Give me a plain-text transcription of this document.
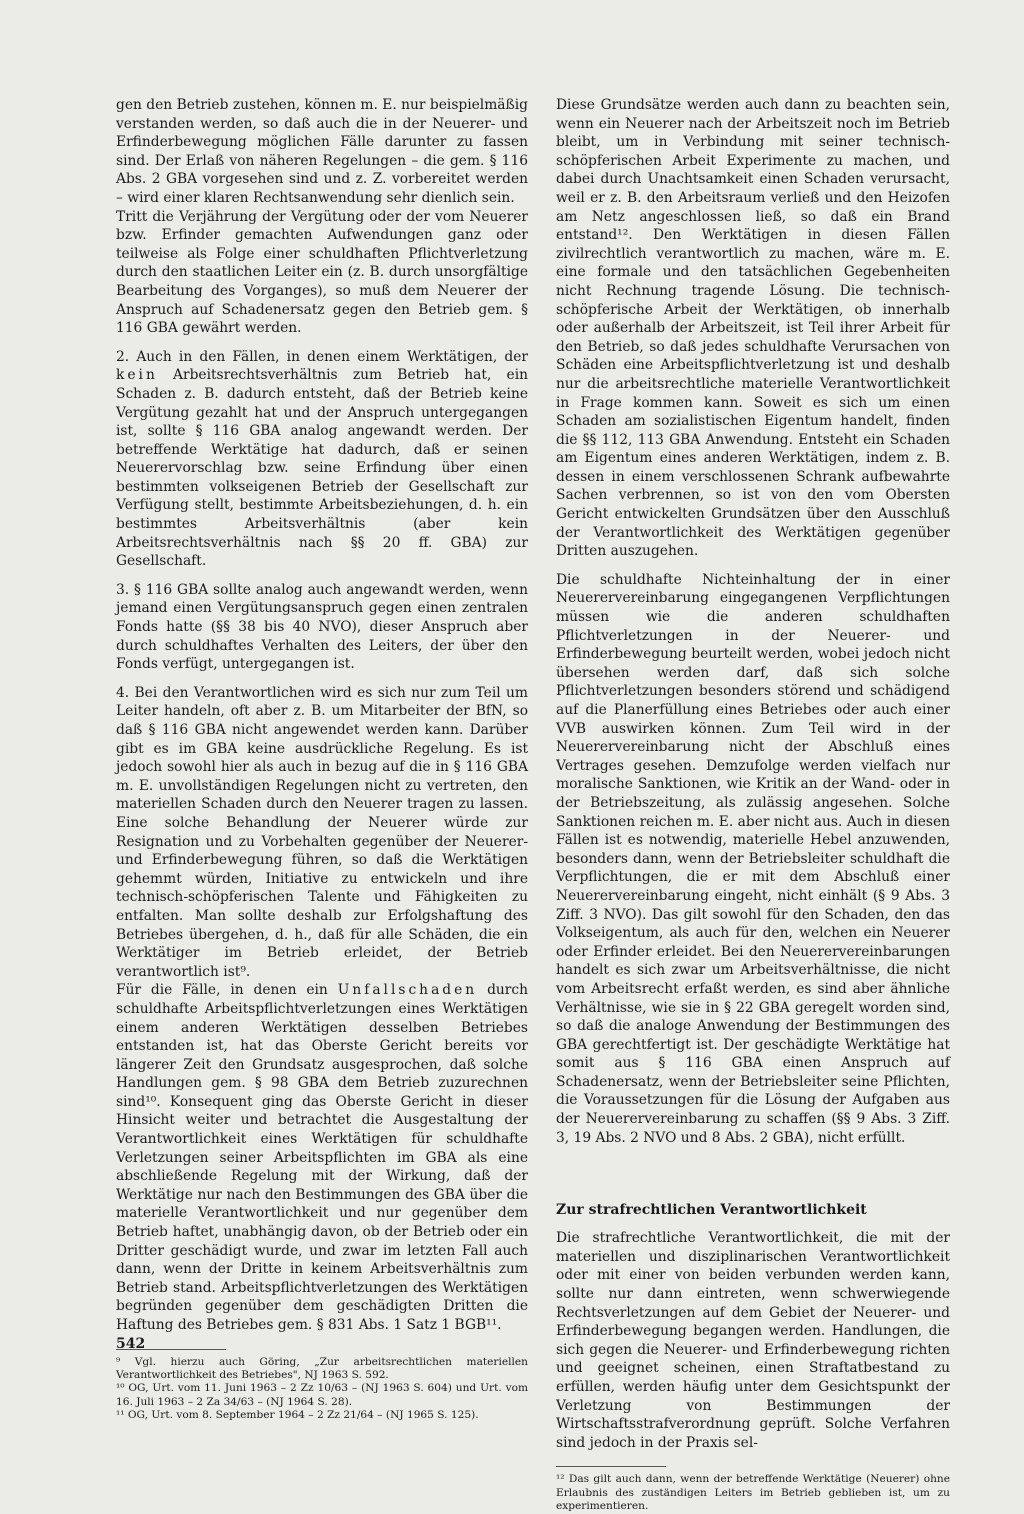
gen den Betrieb zustehen, können m. E. nur beispielmäßig verstanden werden, so daß auch die in der Neuerer- und Erfinderbewegung möglichen Fälle darunter zu fassen sind. Der Erlaß von näheren Regelungen – die gem. § 116 Abs. 2 GBA vorgesehen sind und z. Z. vorbereitet werden – wird einer klaren Rechtsanwendung sehr dienlich sein.

Tritt die Verjährung der Vergütung oder der vom Neuerer bzw. Erfinder gemachten Aufwendungen ganz oder teilweise als Folge einer schuldhaften Pflichtverletzung durch den staatlichen Leiter ein (z. B. durch unsorgfältige Bearbeitung des Vorganges), so muß dem Neuerer der Anspruch auf Schadenersatz gegen den Betrieb gem. § 116 GBA gewährt werden.

2. Auch in den Fällen, in denen einem Werktätigen, der kein Arbeitsrechtsverhältnis zum Betrieb hat, ein Schaden z. B. dadurch entsteht, daß der Betrieb keine Vergütung gezahlt hat und der Anspruch untergegangen ist, sollte § 116 GBA analog angewandt werden. Der betreffende Werktätige hat dadurch, daß er seinen Neuerervorschlag bzw. seine Erfindung über einen bestimmten volkseigenen Betrieb der Gesellschaft zur Verfügung stellt, bestimmte Arbeitsbeziehungen, d. h. ein bestimmtes Arbeitsverhältnis (aber kein Arbeitsrechtsverhältnis nach §§ 20 ff. GBA) zur Gesellschaft.

3. § 116 GBA sollte analog auch angewandt werden, wenn jemand einen Vergütungsanspruch gegen einen zentralen Fonds hatte (§§ 38 bis 40 NVO), dieser Anspruch aber durch schuldhaftes Verhalten des Leiters, der über den Fonds verfügt, untergegangen ist.

4. Bei den Verantwortlichen wird es sich nur zum Teil um Leiter handeln, oft aber z. B. um Mitarbeiter der BfN, so daß § 116 GBA nicht angewendet werden kann. Darüber gibt es im GBA keine ausdrückliche Regelung. Es ist jedoch sowohl hier als auch in bezug auf die in § 116 GBA m. E. unvollständigen Regelungen nicht zu vertreten, den materiellen Schaden durch den Neuerer tragen zu lassen. Eine solche Behandlung der Neuerer würde zur Resignation und zu Vorbehalten gegenüber der Neuerer- und Erfinderbewegung führen, so daß die Werktätigen gehemmt würden, Initiative zu entwickeln und ihre technisch-schöpferischen Talente und Fähigkeiten zu entfalten. Man sollte deshalb zur Erfolgshaftung des Betriebes übergehen, d. h., daß für alle Schäden, die ein Werktätiger im Betrieb erleidet, der Betrieb verantwortlich ist⁹.

Für die Fälle, in denen ein Unfallschaden durch schuldhafte Arbeitspflichtverletzungen eines Werktätigen einem anderen Werktätigen desselben Betriebes entstanden ist, hat das Oberste Gericht bereits vor längerer Zeit den Grundsatz ausgesprochen, daß solche Handlungen gem. § 98 GBA dem Betrieb zuzurechnen sind¹⁰. Konsequent ging das Oberste Gericht in dieser Hinsicht weiter und betrachtet die Ausgestaltung der Verantwortlichkeit eines Werktätigen für schuldhafte Verletzungen seiner Arbeitspflichten im GBA als eine abschließende Regelung mit der Wirkung, daß der Werktätige nur nach den Bestimmungen des GBA über die materielle Verantwortlichkeit und nur gegenüber dem Betrieb haftet, unabhängig davon, ob der Betrieb oder ein Dritter geschädigt wurde, und zwar im letzten Fall auch dann, wenn der Dritte in keinem Arbeitsverhältnis zum Betrieb stand. Arbeitspflichtverletzungen des Werktätigen begründen gegenüber dem geschädigten Dritten die Haftung des Betriebes gem. § 831 Abs. 1 Satz 1 BGB¹¹.

⁹ Vgl. hierzu auch Göring, „Zur arbeitsrechtlichen materiellen Verantwortlichkeit des Betriebes", NJ 1963 S. 592.

¹⁰ OG, Urt. vom 11. Juni 1963 – 2 Zz 10/63 – (NJ 1963 S. 604) und Urt. vom 16. Juli 1963 – 2 Za 34/63 – (NJ 1964 S. 28).

¹¹ OG, Urt. vom 8. September 1964 – 2 Zz 21/64 – (NJ 1965 S. 125).

Diese Grundsätze werden auch dann zu beachten sein, wenn ein Neuerer nach der Arbeitszeit noch im Betrieb bleibt, um in Verbindung mit seiner technisch-schöpferischen Arbeit Experimente zu machen, und dabei durch Unachtsamkeit einen Schaden verursacht, weil er z. B. den Arbeitsraum verließ und den Heizofen am Netz angeschlossen ließ, so daß ein Brand entstand¹². Den Werktätigen in diesen Fällen zivilrechtlich verantwortlich zu machen, wäre m. E. eine formale und den tatsächlichen Gegebenheiten nicht Rechnung tragende Lösung. Die technisch-schöpferische Arbeit der Werktätigen, ob innerhalb oder außerhalb der Arbeitszeit, ist Teil ihrer Arbeit für den Betrieb, so daß jedes schuldhafte Verursachen von Schäden eine Arbeitspflichtverletzung ist und deshalb nur die arbeitsrechtliche materielle Verantwortlichkeit in Frage kommen kann. Soweit es sich um einen Schaden am sozialistischen Eigentum handelt, finden die §§ 112, 113 GBA Anwendung. Entsteht ein Schaden am Eigentum eines anderen Werktätigen, indem z. B. dessen in einem verschlossenen Schrank aufbewahrte Sachen verbrennen, so ist von den vom Obersten Gericht entwickelten Grundsätzen über den Ausschluß der Verantwortlichkeit des Werktätigen gegenüber Dritten auszugehen.

Die schuldhafte Nichteinhaltung der in einer Neuerervereinbarung eingegangenen Verpflichtungen müssen wie die anderen schuldhaften Pflichtverletzungen in der Neuerer- und Erfinderbewegung beurteilt werden, wobei jedoch nicht übersehen werden darf, daß sich solche Pflichtverletzungen besonders störend und schädigend auf die Planerfüllung eines Betriebes oder auch einer VVB auswirken können. Zum Teil wird in der Neuerervereinbarung nicht der Abschluß eines Vertrages gesehen. Demzufolge werden vielfach nur moralische Sanktionen, wie Kritik an der Wand- oder in der Betriebszeitung, als zulässig angesehen. Solche Sanktionen reichen m. E. aber nicht aus. Auch in diesen Fällen ist es notwendig, materielle Hebel anzuwenden, besonders dann, wenn der Betriebsleiter schuldhaft die Verpflichtungen, die er mit dem Abschluß einer Neuerervereinbarung eingeht, nicht einhält (§ 9 Abs. 3 Ziff. 3 NVO). Das gilt sowohl für den Schaden, den das Volkseigentum, als auch für den, welchen ein Neuerer oder Erfinder erleidet. Bei den Neuerervereinbarungen handelt es sich zwar um Arbeitsverhältnisse, die nicht vom Arbeitsrecht erfaßt werden, es sind aber ähnliche Verhältnisse, wie sie in § 22 GBA geregelt worden sind, so daß die analoge Anwendung der Bestimmungen des GBA gerechtfertigt ist. Der geschädigte Werktätige hat somit aus § 116 GBA einen Anspruch auf Schadenersatz, wenn der Betriebsleiter seine Pflichten, die Voraussetzungen für die Lösung der Aufgaben aus der Neuerervereinbarung zu schaffen (§§ 9 Abs. 3 Ziff. 3, 19 Abs. 2 NVO und 8 Abs. 2 GBA), nicht erfüllt.

Zur strafrechtlichen Verantwortlichkeit

Die strafrechtliche Verantwortlichkeit, die mit der materiellen und disziplinarischen Verantwortlichkeit oder mit einer von beiden verbunden werden kann, sollte nur dann eintreten, wenn schwerwiegende Rechtsverletzungen auf dem Gebiet der Neuerer- und Erfinderbewegung begangen werden. Handlungen, die sich gegen die Neuerer- und Erfinderbewegung richten und geeignet scheinen, einen Straftatbestand zu erfüllen, werden häufig unter dem Gesichtspunkt der Verletzung von Bestimmungen der Wirtschaftsstrafverordnung geprüft. Solche Verfahren sind jedoch in der Praxis sel-

¹² Das gilt auch dann, wenn der betreffende Werktätige (Neuerer) ohne Erlaubnis des zuständigen Leiters im Betrieb geblieben ist, um zu experimentieren.

542
